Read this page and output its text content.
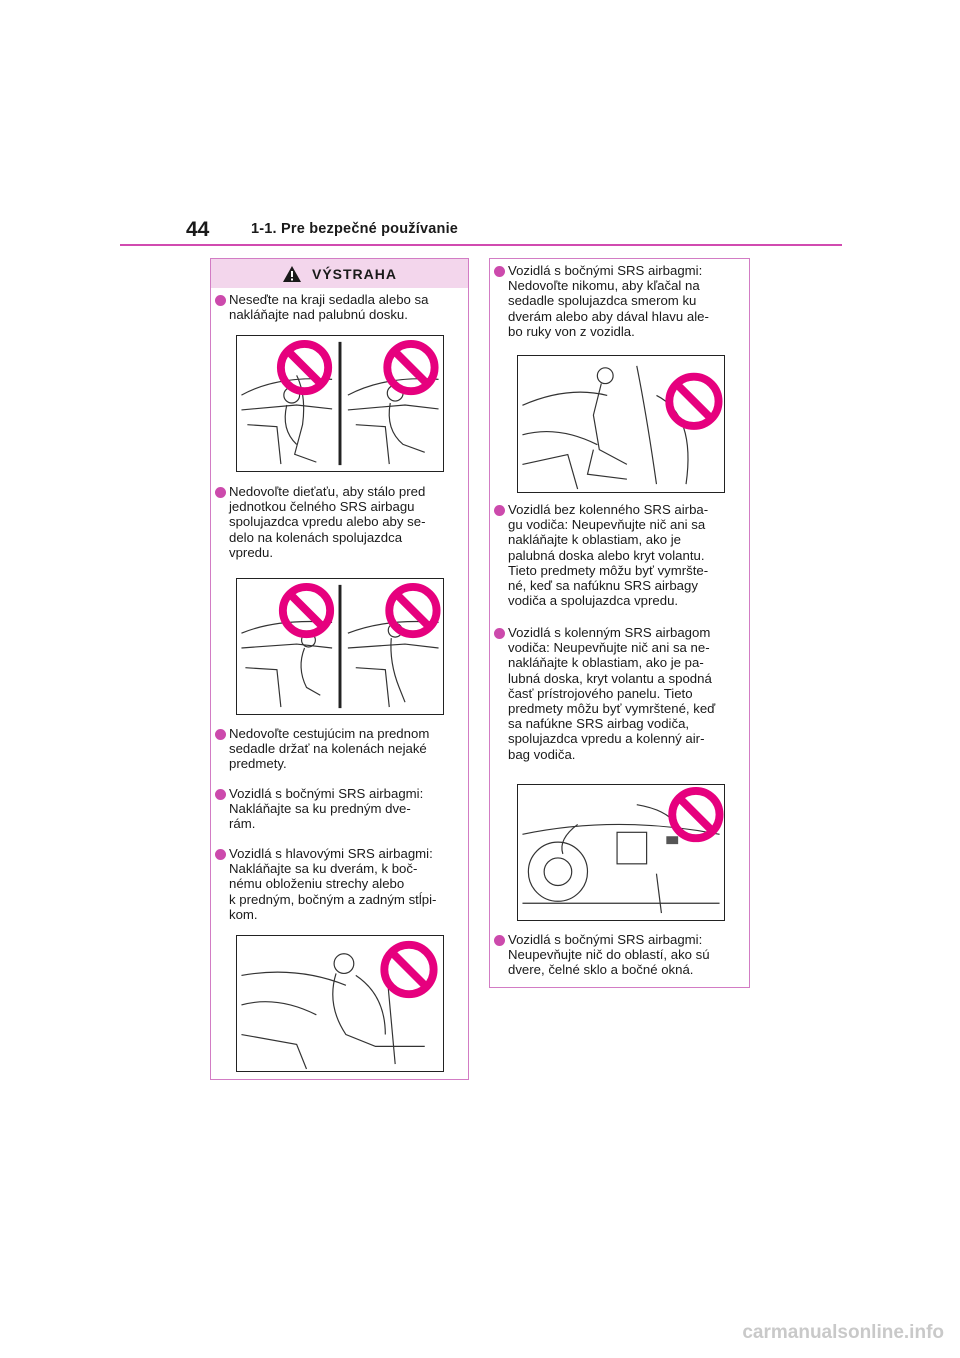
44	1-1. Pre bezpečné používanie
VÝSTRAHA
Neseďte na kraji sedadla alebo sa
nakláňajte nad palubnú dosku.
Nedovoľte dieťaťu, aby stálo pred
jednotkou čelného SRS airbagu
spolujazdca vpredu alebo aby se-
delo na kolenách spolujazdca
vpredu.
Nedovoľte cestujúcim na prednom
sedadle držať na kolenách nejaké
predmety.
Vozidlá s bočnými SRS airbagmi:
Nakláňajte sa ku predným dve-
rám.
Vozidlá s hlavovými SRS airbagmi:
Nakláňajte sa ku dverám, k boč-
nému obloženiu strechy alebo
k predným, bočným a zadným stĺpi-
kom.
Vozidlá s bočnými SRS airbagmi:
Nedovoľte nikomu, aby kľačal na
sedadle spolujazdca smerom ku
dverám alebo aby dával hlavu ale-
bo ruky von z vozidla.
Vozidlá bez kolenného SRS airba-
gu vodiča: Neupevňujte nič ani sa
nakláňajte k oblastiam, ako je
palubná doska alebo kryt volantu.
Tieto predmety môžu byť vymršte-
né, keď sa nafúknu SRS airbagy
vodiča a spolujazdca vpredu.
Vozidlá s kolenným SRS airbagom
vodiča: Neupevňujte nič ani sa ne-
nakláňajte k oblastiam, ako je pa-
lubná doska, kryt volantu a spodná
časť prístrojového panelu. Tieto
predmety môžu byť vymrštené, keď
sa nafúkne SRS airbag vodiča,
spolujazdca vpredu a kolenný air-
bag vodiča.
Vozidlá s bočnými SRS airbagmi:
Neupevňujte nič do oblastí, ako sú
dvere, čelné sklo a bočné okná.
carmanualsonline.info
